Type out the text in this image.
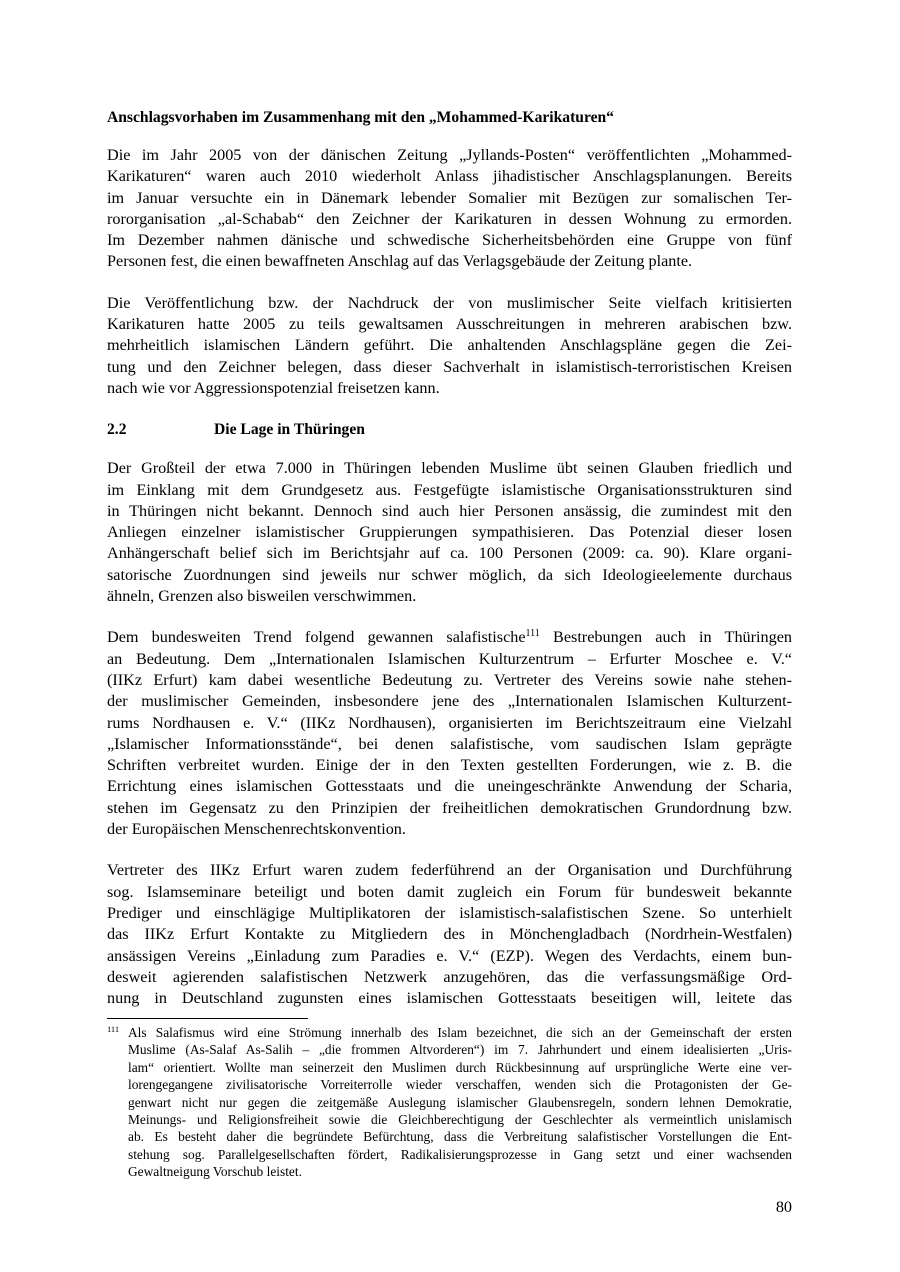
Anschlagsvorhaben im Zusammenhang mit den „Mohammed-Karikaturen“
Die im Jahr 2005 von der dänischen Zeitung „Jyllands-Posten“ veröffentlichten „Mohammed-
Karikaturen“ waren auch 2010 wiederholt Anlass jihadistischer Anschlagsplanungen. Bereits
im Januar versuchte ein in Dänemark lebender Somalier mit Bezügen zur somalischen Ter-
rororganisation „al-Schabab“ den Zeichner der Karikaturen in dessen Wohnung zu ermorden.
Im Dezember nahmen dänische und schwedische Sicherheitsbehörden eine Gruppe von fünf
Personen fest, die einen bewaffneten Anschlag auf das Verlagsgebäude der Zeitung plante.
Die Veröffentlichung bzw. der Nachdruck der von muslimischer Seite vielfach kritisierten
Karikaturen hatte 2005 zu teils gewaltsamen Ausschreitungen in mehreren arabischen bzw.
mehrheitlich islamischen Ländern geführt. Die anhaltenden Anschlagspläne gegen die Zei-
tung und den Zeichner belegen, dass dieser Sachverhalt in islamistisch-terroristischen Kreisen
nach wie vor Aggressionspotenzial freisetzen kann.
2.2	Die Lage in Thüringen
Der Großteil der etwa 7.000 in Thüringen lebenden Muslime übt seinen Glauben friedlich und
im Einklang mit dem Grundgesetz aus. Festgefügte islamistische Organisationsstrukturen sind
in Thüringen nicht bekannt. Dennoch sind auch hier Personen ansässig, die zumindest mit den
Anliegen einzelner islamistischer Gruppierungen sympathisieren. Das Potenzial dieser losen
Anhängerschaft belief sich im Berichtsjahr auf ca. 100 Personen (2009: ca. 90). Klare organi-
satorische Zuordnungen sind jeweils nur schwer möglich, da sich Ideologieelemente durchaus
ähneln, Grenzen also bisweilen verschwimmen.
Dem bundesweiten Trend folgend gewannen salafistische$^{111}$ Bestrebungen auch in Thüringen
an Bedeutung. Dem „Internationalen Islamischen Kulturzentrum – Erfurter Moschee e. V.“
(IIKz Erfurt) kam dabei wesentliche Bedeutung zu. Vertreter des Vereins sowie nahe stehen-
der muslimischer Gemeinden, insbesondere jene des „Internationalen Islamischen Kulturzent-
rums Nordhausen e. V.“ (IIKz Nordhausen), organisierten im Berichtszeitraum eine Vielzahl
„Islamischer Informationsstände“, bei denen salafistische, vom saudischen Islam geprägte
Schriften verbreitet wurden. Einige der in den Texten gestellten Forderungen, wie z. B. die
Errichtung eines islamischen Gottesstaats und die uneingeschränkte Anwendung der Scharia,
stehen im Gegensatz zu den Prinzipien der freiheitlichen demokratischen Grundordnung bzw.
der Europäischen Menschenrechtskonvention.
Vertreter des IIKz Erfurt waren zudem federführend an der Organisation und Durchführung
sog. Islamseminare beteiligt und boten damit zugleich ein Forum für bundesweit bekannte
Prediger und einschlägige Multiplikatoren der islamistisch-salafistischen Szene. So unterhielt
das IIKz Erfurt Kontakte zu Mitgliedern des in Mönchengladbach (Nordrhein-Westfalen)
ansässigen Vereins „Einladung zum Paradies e. V.“ (EZP). Wegen des Verdachts, einem bun-
desweit agierenden salafistischen Netzwerk anzugehören, das die verfassungsmäßige Ord-
nung in Deutschland zugunsten eines islamischen Gottesstaats beseitigen will, leitete das
111 Als Salafismus wird eine Strömung innerhalb des Islam bezeichnet, die sich an der Gemeinschaft der ersten
Muslime (As-Salaf As-Salih – „die frommen Altvorderen“) im 7. Jahrhundert und einem idealisierten „Uris-
lam“ orientiert. Wollte man seinerzeit den Muslimen durch Rückbesinnung auf ursprüngliche Werte eine ver-
lorengegangene zivilisatorische Vorreiterrolle wieder verschaffen, wenden sich die Protagonisten der Ge-
genwart nicht nur gegen die zeitgemäße Auslegung islamischer Glaubensregeln, sondern lehnen Demokratie,
Meinungs- und Religionsfreiheit sowie die Gleichberechtigung der Geschlechter als vermeintlich unislamisch
ab. Es besteht daher die begründete Befürchtung, dass die Verbreitung salafistischer Vorstellungen die Ent-
stehung sog. Parallelgesellschaften fördert, Radikalisierungsprozesse in Gang setzt und einer wachsenden
Gewaltneigung Vorschub leistet.
80
